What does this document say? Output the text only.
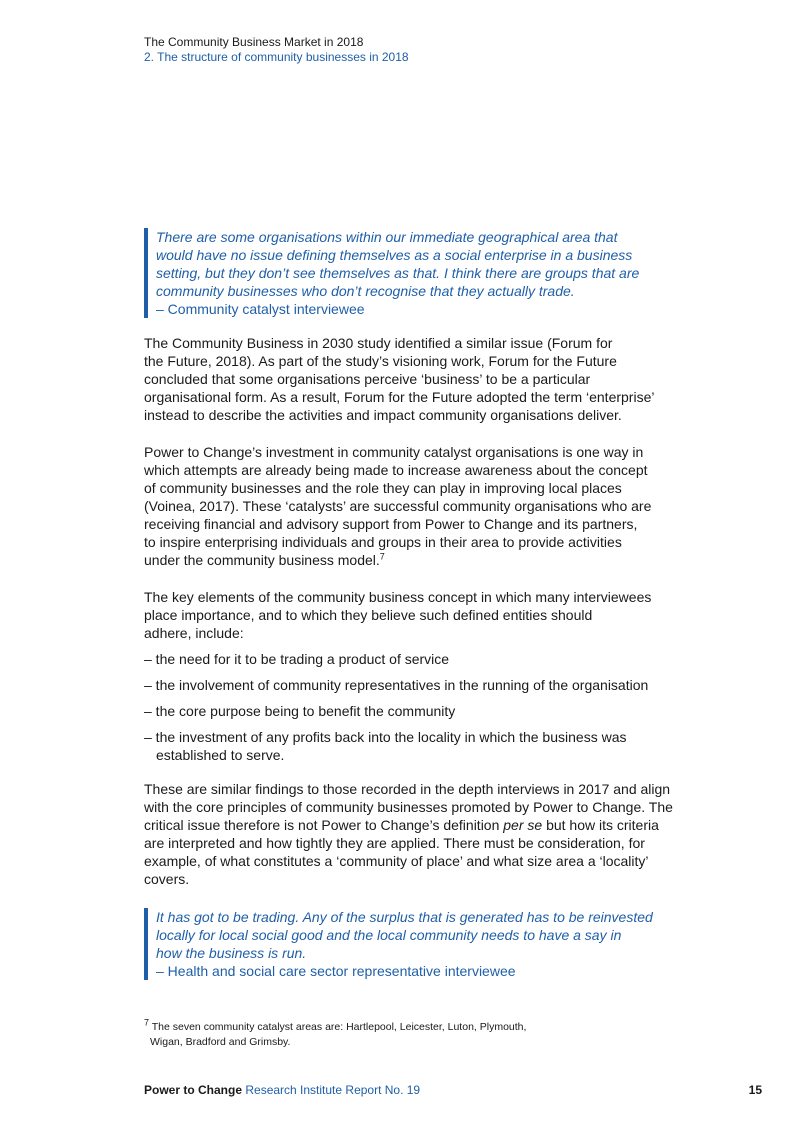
The Community Business Market in 2018
2. The structure of community businesses in 2018
There are some organisations within our immediate geographical area that
would have no issue defining themselves as a social enterprise in a business
setting, but they don’t see themselves as that. I think there are groups that are
community businesses who don’t recognise that they actually trade.
– Community catalyst interviewee
The Community Business in 2030 study identified a similar issue (Forum for
the Future, 2018). As part of the study’s visioning work, Forum for the Future
concluded that some organisations perceive ‘business’ to be a particular
organisational form. As a result, Forum for the Future adopted the term ‘enterprise’
instead to describe the activities and impact community organisations deliver.
Power to Change’s investment in community catalyst organisations is one way in
which attempts are already being made to increase awareness about the concept
of community businesses and the role they can play in improving local places
(Voinea, 2017). These ‘catalysts’ are successful community organisations who are
receiving financial and advisory support from Power to Change and its partners,
to inspire enterprising individuals and groups in their area to provide activities
under the community business model.$^7$
The key elements of the community business concept in which many interviewees
place importance, and to which they believe such defined entities should
adhere, include:
– the need for it to be trading a product of service
– the involvement of community representatives in the running of the organisation
– the core purpose being to benefit the community
– the investment of any profits back into the locality in which the business was established to serve.

These are similar findings to those recorded in the depth interviews in 2017 and align with the core principles of community businesses promoted by Power to Change. The critical issue therefore is not Power to Change’s definition per se but how its criteria are interpreted and how tightly they are applied. There must be consideration, for example, of what constitutes a ‘community of place’ and what size area a ‘locality’ covers.

It has got to be trading. Any of the surplus that is generated has to be reinvested
locally for local social good and the local community needs to have a say in
how the business is run.
– Health and social care sector representative interviewee
$^7$ The seven community catalyst areas are: Hartlepool, Leicester, Luton, Plymouth,
Wigan, Bradford and Grimsby.
Power to Change Research Institute Report No. 19	15
